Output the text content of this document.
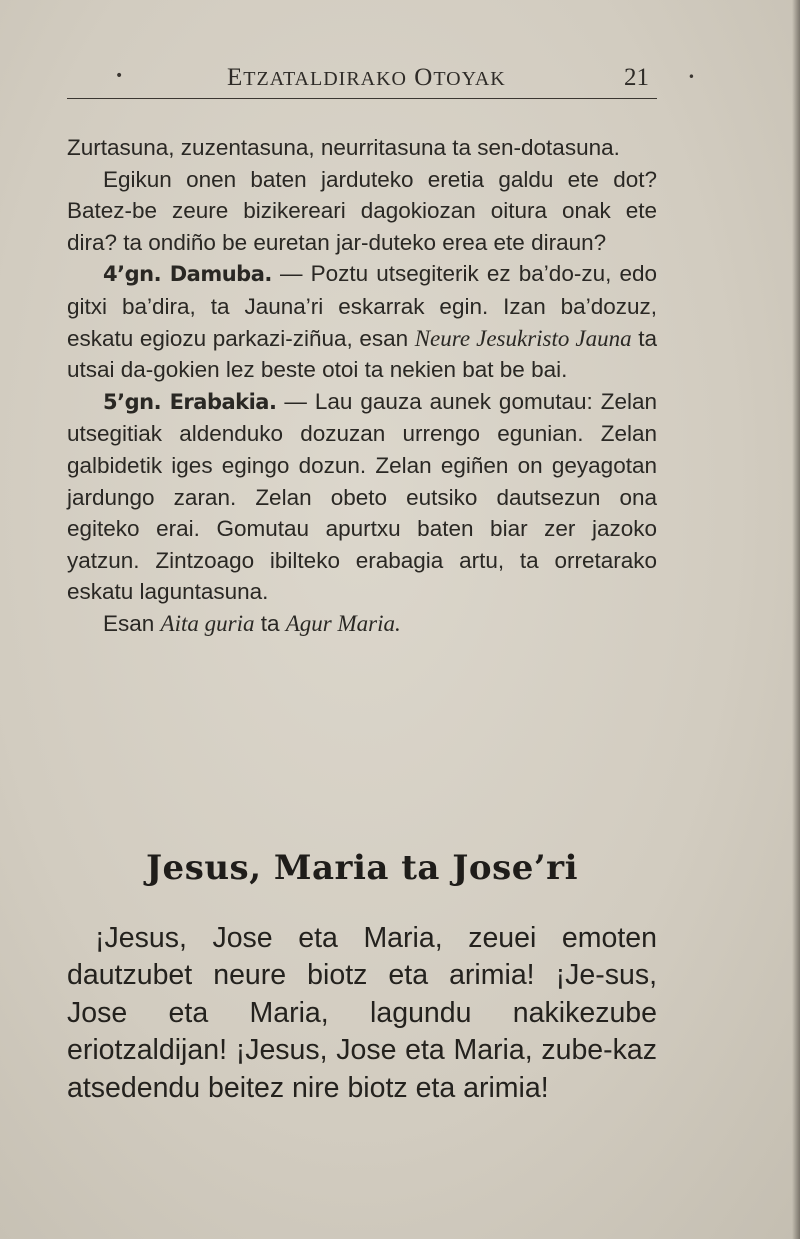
•	ETZATALDIRAKO OTOYAK	21	•

Zurtasuna, zuzentasuna, neurritasuna ta sen-dotasuna.

Egikun onen baten jarduteko eretia galdu ete dot? Batez-be zeure bizikereari dagokiozan oitura onak ete dira? ta ondiño be euretan jar-duteko erea ete diraun?

4’gn. Damuba. — Poztu utsegiterik ez ba’do-zu, edo gitxi ba’dira, ta Jauna’ri eskarrak egin. Izan ba’dozuz, eskatu egiozu parkazi-ziñua, esan Neure Jesukristo Jauna ta utsai da-gokien lez beste otoi ta nekien bat be bai.

5’gn. Erabakia. — Lau gauza aunek gomutau: Zelan utsegitiak aldenduko dozuzan urrengo egunian. Zelan galbidetik iges egingo dozun. Zelan egiñen on geyagotan jardungo zaran. Zelan obeto eutsiko dautsezun ona egiteko erai. Gomutau apurtxu baten biar zer jazoko yatzun. Zintzoago ibilteko erabagia artu, ta orretarako eskatu laguntasuna.

Esan Aita guria ta Agur Maria.

Jesus, Maria ta Jose’ri

¡Jesus, Jose eta Maria, zeuei emoten dautzubet neure biotz eta arimia! ¡Je-sus, Jose eta Maria, lagundu nakikezube eriotzaldijan! ¡Jesus, Jose eta Maria, zube-kaz atsedendu beitez nire biotz eta arimia!
